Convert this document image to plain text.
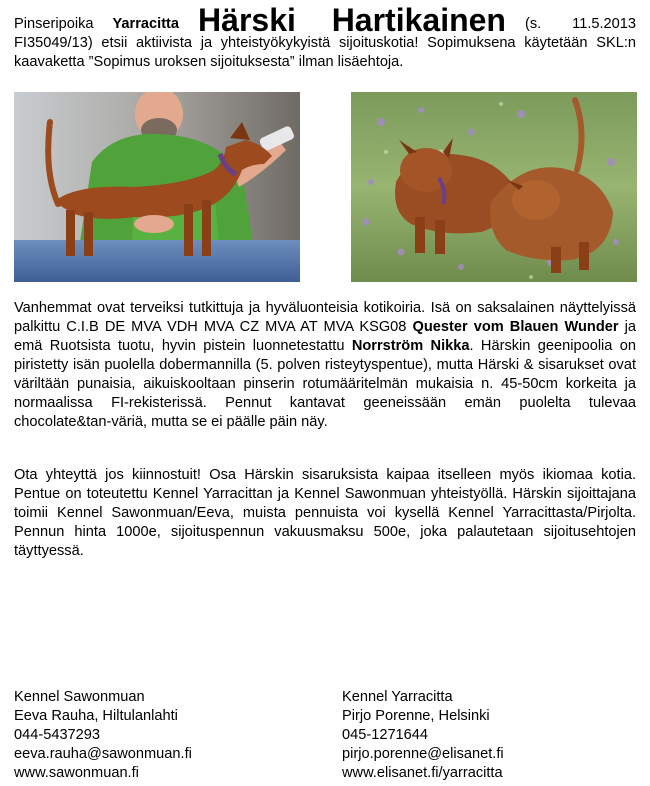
Pinseripoika Yarracitta Härski Hartikainen (s. 11.5.2013 FI35049/13) etsii aktiivista ja yhteistyökykyistä sijoituskotia! Sopimuksena käytetään SKL:n kaavaketta ”Sopimus uroksen sijoituksesta” ilman lisäehtoja.

Vanhemmat ovat terveiksi tutkittuja ja hyväluonteisia kotikoiria. Isä on saksalainen näyttelyissä palkittu C.I.B DE MVA VDH MVA CZ MVA AT MVA KSG08 Quester vom Blauen Wunder ja emä Ruotsista tuotu, hyvin pistein luonnetestattu Norrström Nikka. Härskin geenipoolia on piristetty isän puolella dobermannilla (5. polven risteytyspentue), mutta Härski & sisarukset ovat väriltään punaisia, aikuiskooltaan pinserin rotumääritelmän mukaisia n. 45-50cm korkeita ja normaalissa FI-rekisterissä. Pennut kantavat geeneissään emän puolelta tulevaa chocolate&tan-väriä, mutta se ei päälle päin näy.

Ota yhteyttä jos kiinnostuit! Osa Härskin sisaruksista kaipaa itselleen myös ikiomaa kotia. Pentue on toteutettu Kennel Yarracittan ja Kennel Sawonmuan yhteistyöllä. Härskin sijoittajana toimii Kennel Sawonmuan/Eeva, muista pennuista voi kysellä Kennel Yarracittasta/Pirjolta. Pennun hinta 1000e, sijoituspennun vakuusmaksu 500e, joka palautetaan sijoitusehtojen täyttyessä.

Kennel Sawonmuan
Eeva Rauha, Hiltulanlahti
044-5437293
eeva.rauha@sawonmuan.fi
www.sawonmuan.fi
Kennel Yarracitta
Pirjo Porenne, Helsinki
045-1271644
pirjo.porenne@elisanet.fi
www.elisanet.fi/yarracitta
